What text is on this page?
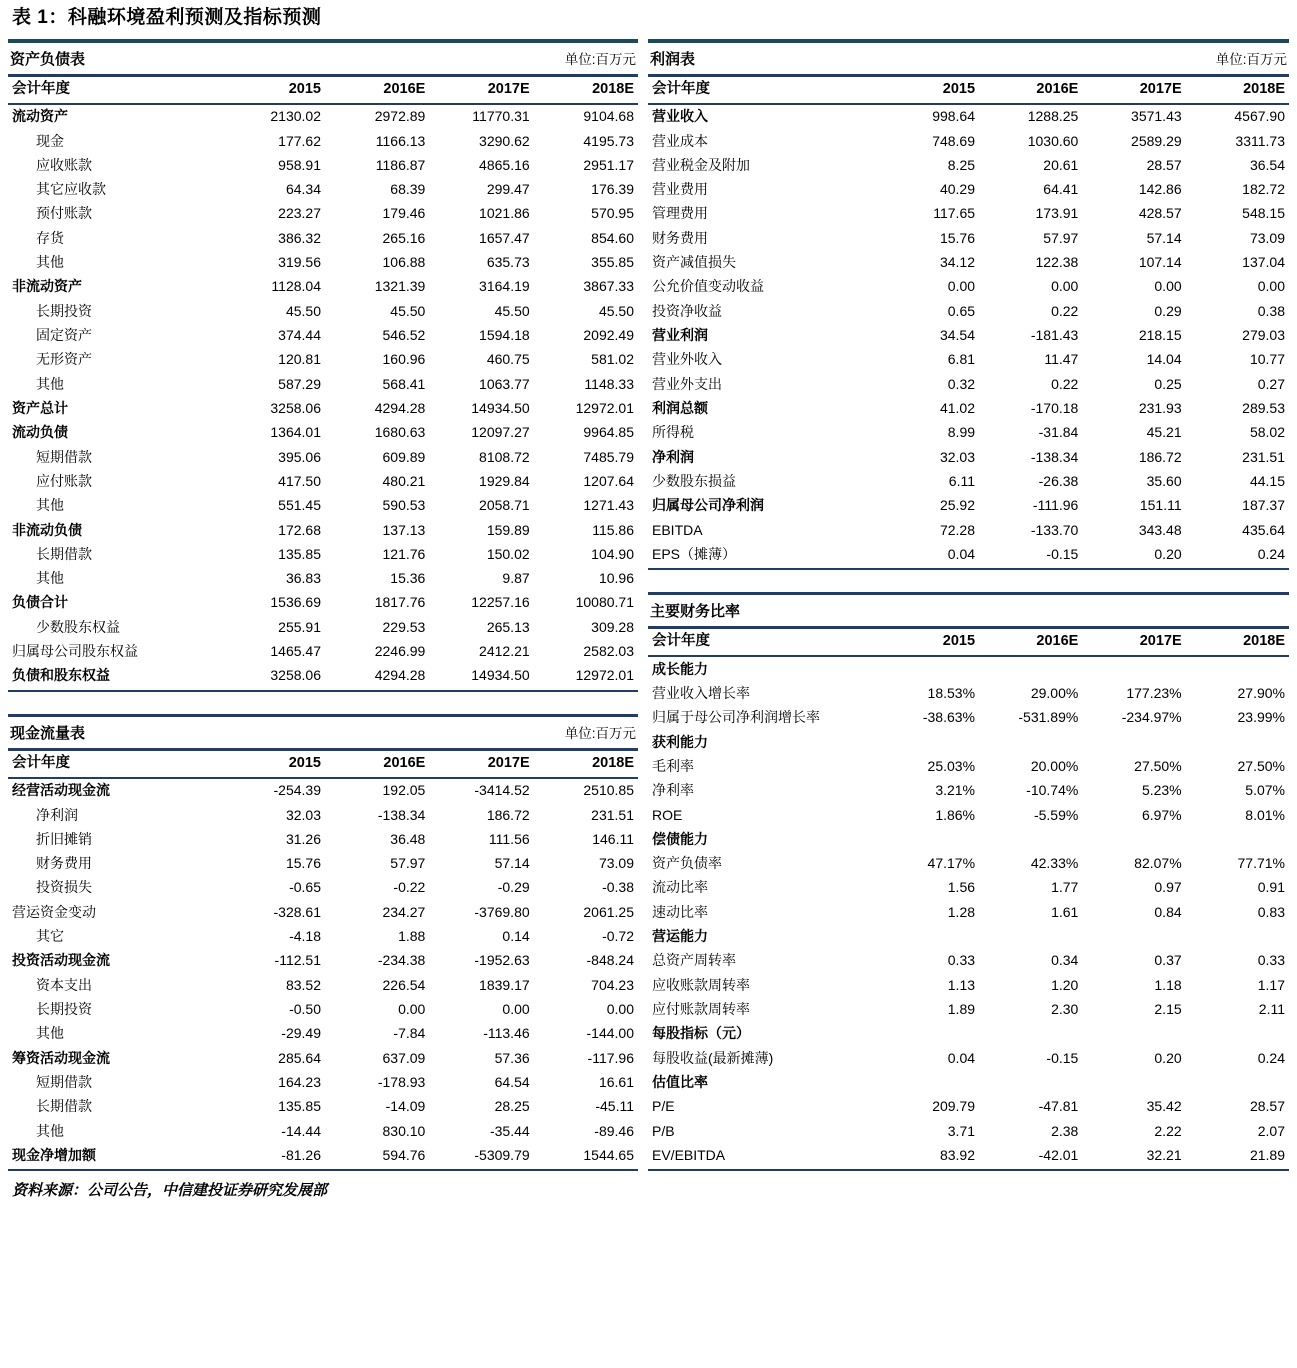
表 1：科融环境盈利预测及指标预测
资产负债表	单位:百万元
会计年度	2015	2016E	2017E	2018E
流动资产	2130.02	2972.89	11770.31	9104.68
现金	177.62	1166.13	3290.62	4195.73
应收账款	958.91	1186.87	4865.16	2951.17
其它应收款	64.34	68.39	299.47	176.39
预付账款	223.27	179.46	1021.86	570.95
存货	386.32	265.16	1657.47	854.60
其他	319.56	106.88	635.73	355.85
非流动资产	1128.04	1321.39	3164.19	3867.33
长期投资	45.50	45.50	45.50	45.50
固定资产	374.44	546.52	1594.18	2092.49
无形资产	120.81	160.96	460.75	581.02
其他	587.29	568.41	1063.77	1148.33
资产总计	3258.06	4294.28	14934.50	12972.01
流动负债	1364.01	1680.63	12097.27	9964.85
短期借款	395.06	609.89	8108.72	7485.79
应付账款	417.50	480.21	1929.84	1207.64
其他	551.45	590.53	2058.71	1271.43
非流动负债	172.68	137.13	159.89	115.86
长期借款	135.85	121.76	150.02	104.90
其他	36.83	15.36	9.87	10.96
负债合计	1536.69	1817.76	12257.16	10080.71
少数股东权益	255.91	229.53	265.13	309.28
归属母公司股东权益	1465.47	2246.99	2412.21	2582.03
负债和股东权益	3258.06	4294.28	14934.50	12972.01
现金流量表	单位:百万元
会计年度	2015	2016E	2017E	2018E
经营活动现金流	-254.39	192.05	-3414.52	2510.85
净利润	32.03	-138.34	186.72	231.51
折旧摊销	31.26	36.48	111.56	146.11
财务费用	15.76	57.97	57.14	73.09
投资损失	-0.65	-0.22	-0.29	-0.38
营运资金变动	-328.61	234.27	-3769.80	2061.25
其它	-4.18	1.88	0.14	-0.72
投资活动现金流	-112.51	-234.38	-1952.63	-848.24
资本支出	83.52	226.54	1839.17	704.23
长期投资	-0.50	0.00	0.00	0.00
其他	-29.49	-7.84	-113.46	-144.00
筹资活动现金流	285.64	637.09	57.36	-117.96
短期借款	164.23	-178.93	64.54	16.61
长期借款	135.85	-14.09	28.25	-45.11
其他	-14.44	830.10	-35.44	-89.46
现金净增加额	-81.26	594.76	-5309.79	1544.65
资料来源：公司公告，中信建投证券研究发展部
利润表	单位:百万元
会计年度	2015	2016E	2017E	2018E
营业收入	998.64	1288.25	3571.43	4567.90
营业成本	748.69	1030.60	2589.29	3311.73
营业税金及附加	8.25	20.61	28.57	36.54
营业费用	40.29	64.41	142.86	182.72
管理费用	117.65	173.91	428.57	548.15
财务费用	15.76	57.97	57.14	73.09
资产减值损失	34.12	122.38	107.14	137.04
公允价值变动收益	0.00	0.00	0.00	0.00
投资净收益	0.65	0.22	0.29	0.38
营业利润	34.54	-181.43	218.15	279.03
营业外收入	6.81	11.47	14.04	10.77
营业外支出	0.32	0.22	0.25	0.27
利润总额	41.02	-170.18	231.93	289.53
所得税	8.99	-31.84	45.21	58.02
净利润	32.03	-138.34	186.72	231.51
少数股东损益	6.11	-26.38	35.60	44.15
归属母公司净利润	25.92	-111.96	151.11	187.37
EBITDA	72.28	-133.70	343.48	435.64
EPS（摊薄）	0.04	-0.15	0.20	0.24
主要财务比率
会计年度	2015	2016E	2017E	2018E
成长能力				
营业收入增长率	18.53%	29.00%	177.23%	27.90%
归属于母公司净利润增长率	-38.63%	-531.89%	-234.97%	23.99%
获利能力				
毛利率	25.03%	20.00%	27.50%	27.50%
净利率	3.21%	-10.74%	5.23%	5.07%
ROE	1.86%	-5.59%	6.97%	8.01%
偿债能力				
资产负债率	47.17%	42.33%	82.07%	77.71%
流动比率	1.56	1.77	0.97	0.91
速动比率	1.28	1.61	0.84	0.83
营运能力				
总资产周转率	0.33	0.34	0.37	0.33
应收账款周转率	1.13	1.20	1.18	1.17
应付账款周转率	1.89	2.30	2.15	2.11
每股指标（元）				
每股收益(最新摊薄)	0.04	-0.15	0.20	0.24
估值比率				
P/E	209.79	-47.81	35.42	28.57
P/B	3.71	2.38	2.22	2.07
EV/EBITDA	83.92	-42.01	32.21	21.89
